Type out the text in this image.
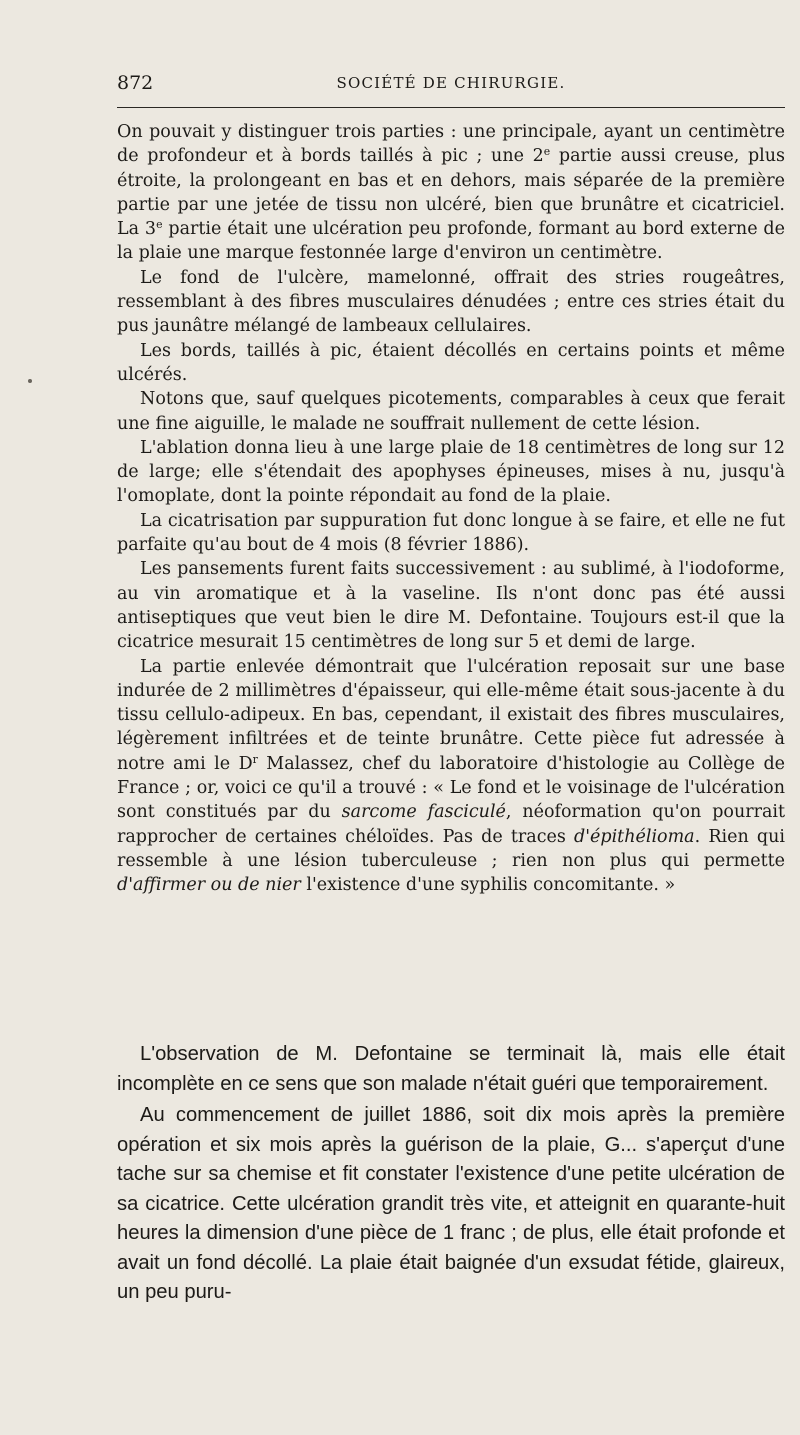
872	SOCIÉTÉ DE CHIRURGIE.

On pouvait y distinguer trois parties : une principale, ayant un centimètre de profondeur et à bords taillés à pic ; une 2e partie aussi creuse, plus étroite, la prolongeant en bas et en dehors, mais séparée de la première partie par une jetée de tissu non ulcéré, bien que brunâtre et cicatriciel. La 3e partie était une ulcération peu profonde, formant au bord externe de la plaie une marque festonnée large d'environ un centimètre.

Le fond de l'ulcère, mamelonné, offrait des stries rougeâtres, ressemblant à des fibres musculaires dénudées ; entre ces stries était du pus jaunâtre mélangé de lambeaux cellulaires.

Les bords, taillés à pic, étaient décollés en certains points et même ulcérés.

Notons que, sauf quelques picotements, comparables à ceux que ferait une fine aiguille, le malade ne souffrait nullement de cette lésion.

L'ablation donna lieu à une large plaie de 18 centimètres de long sur 12 de large; elle s'étendait des apophyses épineuses, mises à nu, jusqu'à l'omoplate, dont la pointe répondait au fond de la plaie.

La cicatrisation par suppuration fut donc longue à se faire, et elle ne fut parfaite qu'au bout de 4 mois (8 février 1886).

Les pansements furent faits successivement : au sublimé, à l'iodoforme, au vin aromatique et à la vaseline. Ils n'ont donc pas été aussi antiseptiques que veut bien le dire M. Defontaine. Toujours est-il que la cicatrice mesurait 15 centimètres de long sur 5 et demi de large.

La partie enlevée démontrait que l'ulcération reposait sur une base indurée de 2 millimètres d'épaisseur, qui elle-même était sous-jacente à du tissu cellulo-adipeux. En bas, cependant, il existait des fibres musculaires, légèrement infiltrées et de teinte brunâtre. Cette pièce fut adressée à notre ami le $D^r$ Malassez, chef du laboratoire d'histologie au Collège de France ; or, voici ce qu'il a trouvé : « Le fond et le voisinage de l'ulcération sont constitués par du sarcome fasciculé, néoformation qu'on pourrait rapprocher de certaines chéloïdes. Pas de traces d'épithélioma. Rien qui ressemble à une lésion tuberculeuse ; rien non plus qui permette d'affirmer ou de nier l'existence d'une syphilis concomitante. »

L'observation de M. Defontaine se terminait là, mais elle était incomplète en ce sens que son malade n'était guéri que temporairement.

Au commencement de juillet 1886, soit dix mois après la première opération et six mois après la guérison de la plaie, G... s'aperçut d'une tache sur sa chemise et fit constater l'existence d'une petite ulcération de sa cicatrice. Cette ulcération grandit très vite, et atteignit en quarante-huit heures la dimension d'une pièce de 1 franc ; de plus, elle était profonde et avait un fond décollé. La plaie était baignée d'un exsudat fétide, glaireux, un peu puru-
